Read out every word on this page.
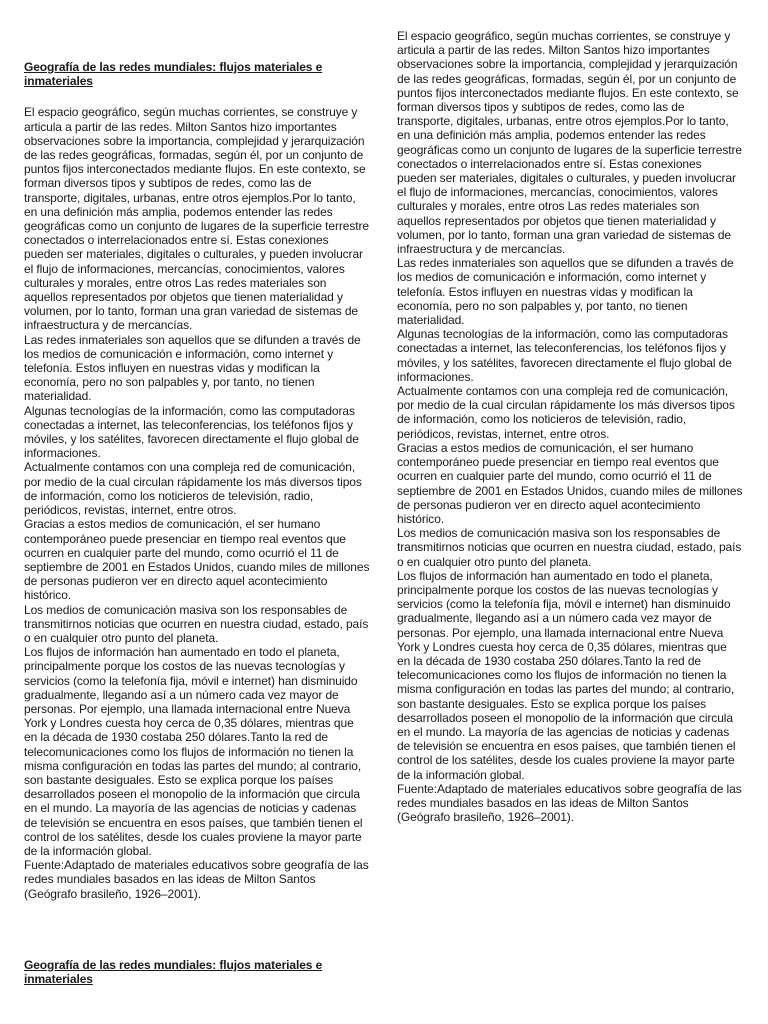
Geografía de las redes mundiales: flujos materiales e inmateriales

El espacio geográfico, según muchas corrientes, se construye y articula a partir de las redes. Milton Santos hizo importantes observaciones sobre la importancia, complejidad y jerarquización de las redes geográficas, formadas, según él, por un conjunto de puntos fijos interconectados mediante flujos. En este contexto, se forman diversos tipos y subtipos de redes, como las de transporte, digitales, urbanas, entre otros ejemplos.Por lo tanto, en una definición más amplia, podemos entender las redes geográficas como un conjunto de lugares de la superficie terrestre conectados o interrelacionados entre sí. Estas conexiones pueden ser materiales, digitales o culturales, y pueden involucrar el flujo de informaciones, mercancías, conocimientos, valores culturales y morales, entre otros Las redes materiales son aquellos representados por objetos que tienen materialidad y volumen, por lo tanto, forman una gran variedad de sistemas de infraestructura y de mercancías.

Las redes inmateriales son aquellos que se difunden a través de los medios de comunicación e información, como internet y telefonía. Estos influyen en nuestras vidas y modifican la economía, pero no son palpables y, por tanto, no tienen materialidad.

Algunas tecnologías de la información, como las computadoras conectadas a internet, las teleconferencias, los teléfonos fijos y móviles, y los satélites, favorecen directamente el flujo global de informaciones.

Actualmente contamos con una compleja red de comunicación, por medio de la cual circulan rápidamente los más diversos tipos de información, como los noticieros de televisión, radio, periódicos, revistas, internet, entre otros.

Gracias a estos medios de comunicación, el ser humano contemporáneo puede presenciar en tiempo real eventos que ocurren en cualquier parte del mundo, como ocurrió el 11 de septiembre de 2001 en Estados Unidos, cuando miles de millones de personas pudieron ver en directo aquel acontecimiento histórico.

Los medios de comunicación masiva son los responsables de transmitirnos noticias que ocurren en nuestra ciudad, estado, país o en cualquier otro punto del planeta.

Los flujos de información han aumentado en todo el planeta, principalmente porque los costos de las nuevas tecnologías y servicios (como la telefonía fija, móvil e internet) han disminuido gradualmente, llegando así a un número cada vez mayor de personas. Por ejemplo, una llamada internacional entre Nueva York y Londres cuesta hoy cerca de 0,35 dólares, mientras que en la década de 1930 costaba 250 dólares.Tanto la red de telecomunicaciones como los flujos de información no tienen la misma configuración en todas las partes del mundo; al contrario, son bastante desiguales. Esto se explica porque los países desarrollados poseen el monopolio de la información que circula en el mundo. La mayoría de las agencias de noticias y cadenas de televisión se encuentra en esos países, que también tienen el control de los satélites, desde los cuales proviene la mayor parte de la información global.

Fuente:Adaptado de materiales educativos sobre geografía de las redes mundiales basados en las ideas de Milton Santos (Geógrafo brasileño, 1926–2001).

El espacio geográfico, según muchas corrientes, se construye y articula a partir de las redes. Milton Santos hizo importantes observaciones sobre la importancia, complejidad y jerarquización de las redes geográficas, formadas, según él, por un conjunto de puntos fijos interconectados mediante flujos. En este contexto, se forman diversos tipos y subtipos de redes, como las de transporte, digitales, urbanas, entre otros ejemplos.Por lo tanto, en una definición más amplia, podemos entender las redes geográficas como un conjunto de lugares de la superficie terrestre conectados o interrelacionados entre sí. Estas conexiones pueden ser materiales, digitales o culturales, y pueden involucrar el flujo de informaciones, mercancías, conocimientos, valores culturales y morales, entre otros Las redes materiales son aquellos representados por objetos que tienen materialidad y volumen, por lo tanto, forman una gran variedad de sistemas de infraestructura y de mercancías.

Las redes inmateriales son aquellos que se difunden a través de los medios de comunicación e información, como internet y telefonía. Estos influyen en nuestras vidas y modifican la economía, pero no son palpables y, por tanto, no tienen materialidad.

Algunas tecnologías de la información, como las computadoras conectadas a internet, las teleconferencias, los teléfonos fijos y móviles, y los satélites, favorecen directamente el flujo global de informaciones.

Actualmente contamos con una compleja red de comunicación, por medio de la cual circulan rápidamente los más diversos tipos de información, como los noticieros de televisión, radio, periódicos, revistas, internet, entre otros.

Gracias a estos medios de comunicación, el ser humano contemporáneo puede presenciar en tiempo real eventos que ocurren en cualquier parte del mundo, como ocurrió el 11 de septiembre de 2001 en Estados Unidos, cuando miles de millones de personas pudieron ver en directo aquel acontecimiento histórico.

Los medios de comunicación masiva son los responsables de transmitirnos noticias que ocurren en nuestra ciudad, estado, país o en cualquier otro punto del planeta.

Los flujos de información han aumentado en todo el planeta, principalmente porque los costos de las nuevas tecnologías y servicios (como la telefonía fija, móvil e internet) han disminuido gradualmente, llegando así a un número cada vez mayor de personas. Por ejemplo, una llamada internacional entre Nueva York y Londres cuesta hoy cerca de 0,35 dólares, mientras que en la década de 1930 costaba 250 dólares.Tanto la red de telecomunicaciones como los flujos de información no tienen la misma configuración en todas las partes del mundo; al contrario, son bastante desiguales. Esto se explica porque los países desarrollados poseen el monopolio de la información que circula en el mundo. La mayoría de las agencias de noticias y cadenas de televisión se encuentra en esos países, que también tienen el control de los satélites, desde los cuales proviene la mayor parte de la información global.

Fuente:Adaptado de materiales educativos sobre geografía de las redes mundiales basados en las ideas de Milton Santos (Geógrafo brasileño, 1926–2001).

Geografía de las redes mundiales: flujos materiales e inmateriales
